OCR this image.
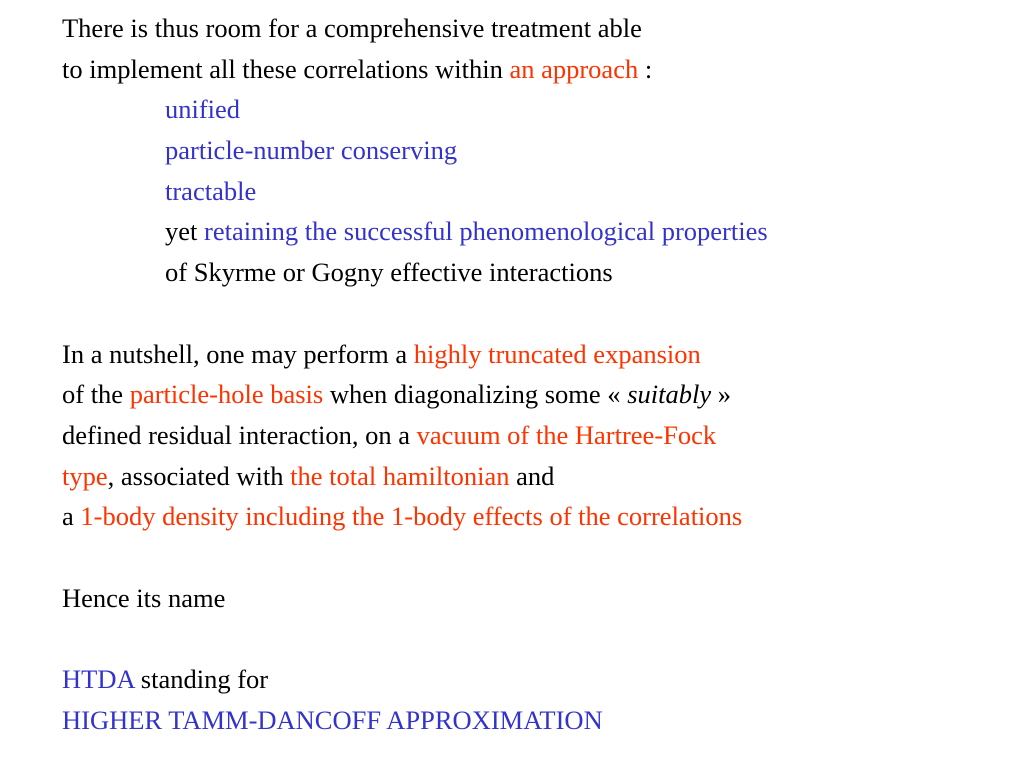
There is thus room for a comprehensive treatment able
to implement all these correlations within an approach :
unified
particle-number conserving
tractable
yet retaining the successful phenomenological properties
of Skyrme or Gogny effective interactions
In a nutshell, one may perform a highly truncated expansion
of the particle-hole basis when diagonalizing some « suitably »
defined residual interaction, on a vacuum of the Hartree-Fock
type, associated with the total hamiltonian and
a 1-body density including the 1-body effects of the correlations
Hence its name
HTDA standing for
HIGHER TAMM-DANCOFF APPROXIMATION
